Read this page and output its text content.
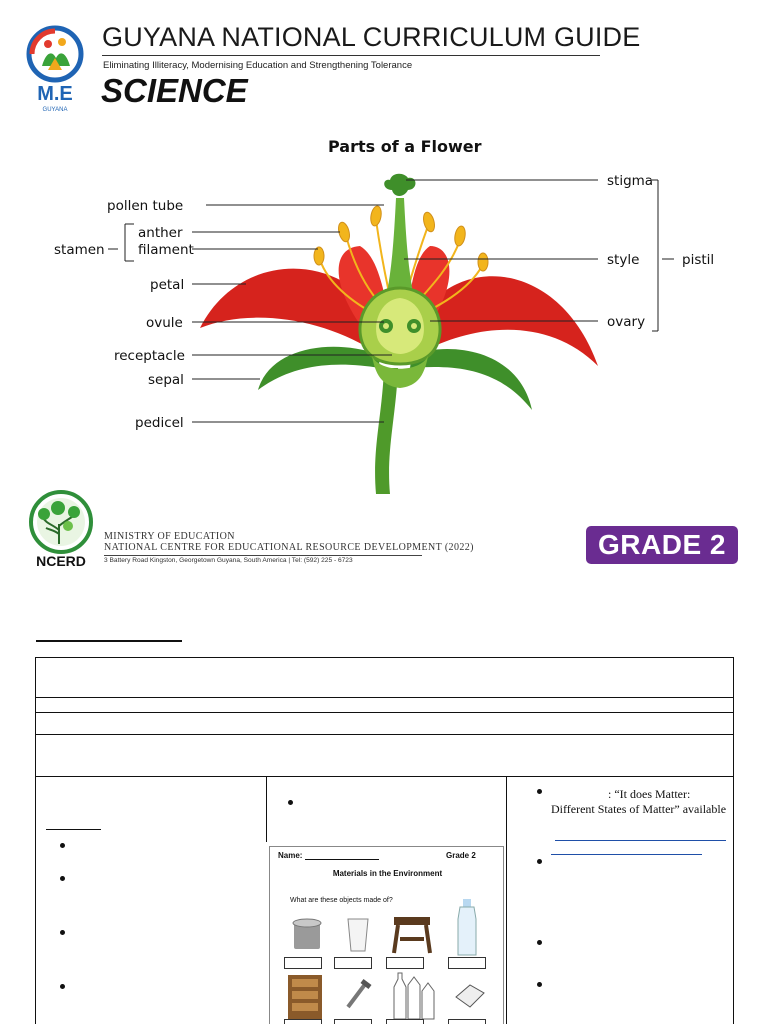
M.E
GUYANA
GUYANA NATIONAL CURRICULUM GUIDE
Eliminating Illiteracy, Modernising Education and Strengthening Tolerance
SCIENCE
Parts of a Flower
pollen tube
anther
filament
stamen
petal
ovule
receptacle
sepal
pedicel
stigma
style	pistil
ovary
NCERD
MINISTRY OF EDUCATION
NATIONAL CENTRE FOR EDUCATIONAL RESOURCE DEVELOPMENT (2022)
3 Battery Road Kingston, Georgetown Guyana, South America | Tel: (592) 225 - 6723
GRADE 2
: “It does Matter:
Different States of Matter” available
Name:	Grade 2
Materials in the Environment
What are these objects made of?
